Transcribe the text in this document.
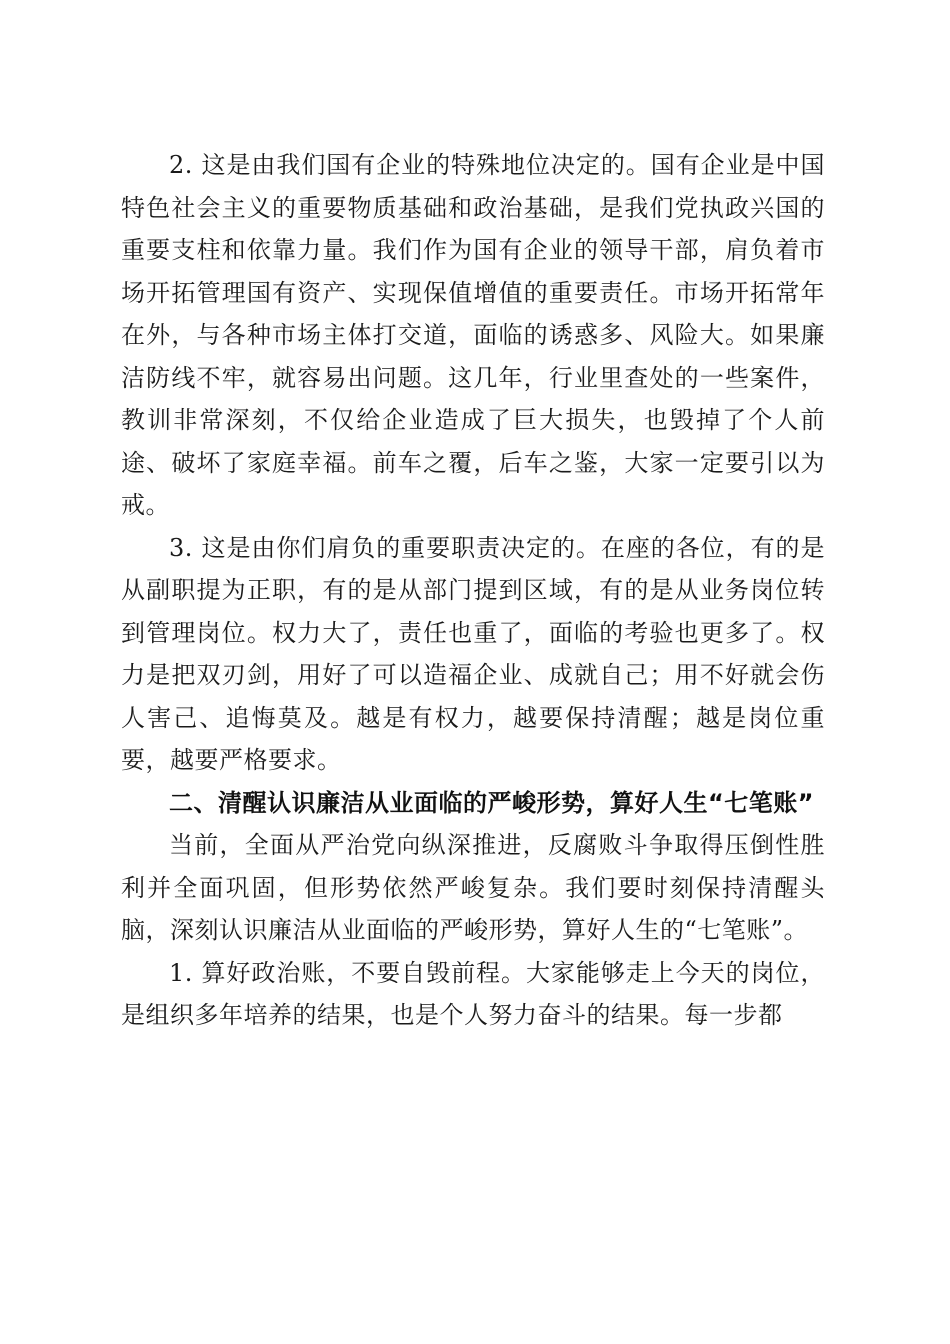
2. 这是由我们国有企业的特殊地位决定的。国有企业是中国特色社会主义的重要物质基础和政治基础，是我们党执政兴国的重要支柱和依靠力量。我们作为国有企业的领导干部，肩负着市场开拓管理国有资产、实现保值增值的重要责任。市场开拓常年在外，与各种市场主体打交道，面临的诱惑多、风险大。如果廉洁防线不牢，就容易出问题。这几年，行业里查处的一些案件，教训非常深刻，不仅给企业造成了巨大损失，也毁掉了个人前途、破坏了家庭幸福。前车之覆，后车之鉴，大家一定要引以为戒。

3. 这是由你们肩负的重要职责决定的。在座的各位，有的是从副职提为正职，有的是从部门提到区域，有的是从业务岗位转到管理岗位。权力大了，责任也重了，面临的考验也更多了。权力是把双刃剑，用好了可以造福企业、成就自己；用不好就会伤人害己、追悔莫及。越是有权力，越要保持清醒；越是岗位重要，越要严格要求。

二、清醒认识廉洁从业面临的严峻形势，算好人生“七笔账”

当前，全面从严治党向纵深推进，反腐败斗争取得压倒性胜利并全面巩固，但形势依然严峻复杂。我们要时刻保持清醒头脑，深刻认识廉洁从业面临的严峻形势，算好人生的“七笔账”。

1. 算好政治账，不要自毁前程。大家能够走上今天的岗位，是组织多年培养的结果，也是个人努力奋斗的结果。每一步都
